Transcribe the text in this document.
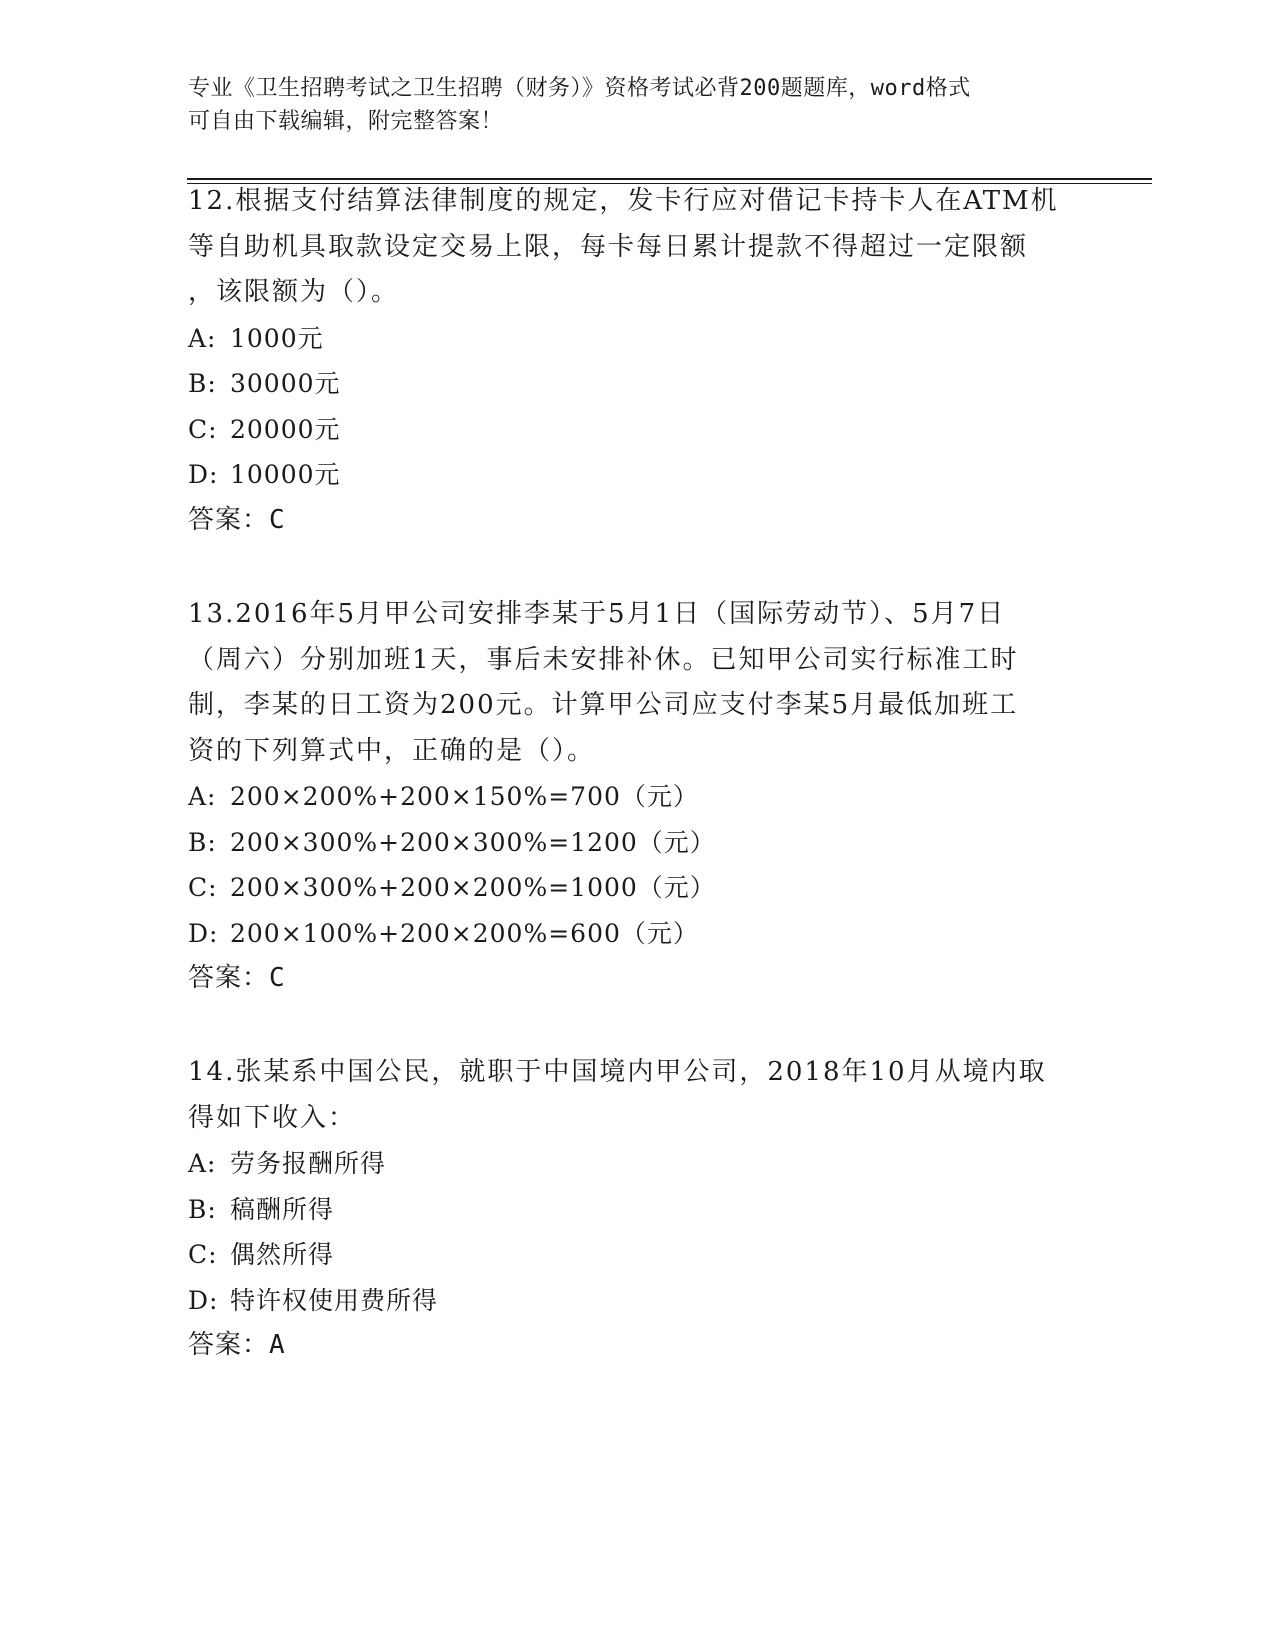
专业《卫生招聘考试之卫生招聘（财务）》资格考试必背200题题库，word格式
可自由下载编辑，附完整答案！
12.根据支付结算法律制度的规定，发卡行应对借记卡持卡人在ATM机
等自助机具取款设定交易上限，每卡每日累计提款不得超过一定限额
，该限额为（）。
A: 1000元
B: 30000元
C: 20000元
D: 10000元
答案：C
13.2016年5月甲公司安排李某于5月1日（国际劳动节）、5月7日
（周六）分别加班1天，事后未安排补休。已知甲公司实行标准工时
制，李某的日工资为200元。计算甲公司应支付李某5月最低加班工
资的下列算式中，正确的是（）。
A: 200×200%+200×150%=700（元）
B: 200×300%+200×300%=1200（元）
C: 200×300%+200×200%=1000（元）
D: 200×100%+200×200%=600（元）
答案：C
14.张某系中国公民，就职于中国境内甲公司，2018年10月从境内取
得如下收入：
A: 劳务报酬所得
B: 稿酬所得
C: 偶然所得
D: 特许权使用费所得
答案：A
